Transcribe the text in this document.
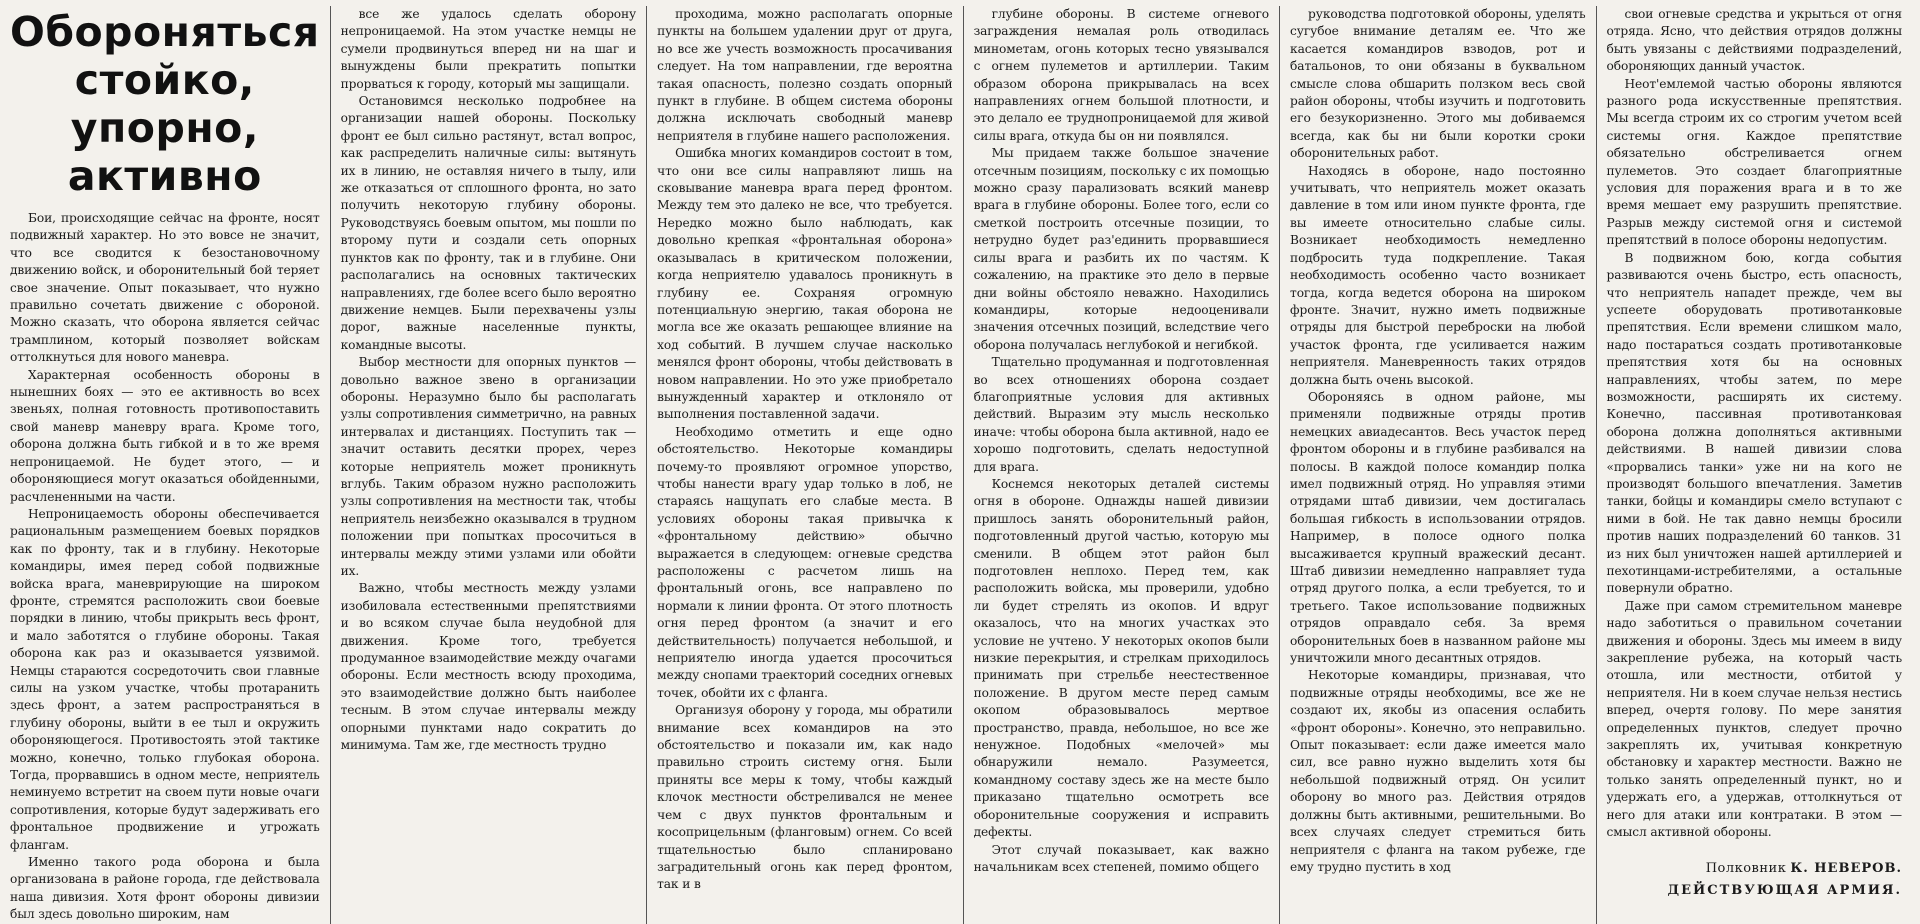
Обороняться стойко,
упорно, активно

Бои, происходящие сейчас на фронте, носят подвижный характер. Но это вовсе не значит, что все сводится к безостановочному движению войск, и оборонительный бой теряет свое значение. Опыт показывает, что нужно правильно сочетать движение с обороной. Можно сказать, что оборона является сейчас трамплином, который позволяет войскам оттолкнуться для нового маневра.

Характерная особенность обороны в нынешних боях — это ее активность во всех звеньях, полная готовность противопоставить свой маневр маневру врага. Кроме того, оборона должна быть гибкой и в то же время непроницаемой. Не будет этого, — и обороняющиеся могут оказаться обойденными, расчлененными на части.

Непроницаемость обороны обеспечивается рациональным размещением боевых порядков как по фронту, так и в глубину. Некоторые командиры, имея перед собой подвижные войска врага, маневрирующие на широком фронте, стремятся расположить свои боевые порядки в линию, чтобы прикрыть весь фронт, и мало заботятся о глубине обороны. Такая оборона как раз и оказывается уязвимой. Немцы стараются сосредоточить свои главные силы на узком участке, чтобы протаранить здесь фронт, а затем распространяться в глубину обороны, выйти в ее тыл и окружить обороняющегося. Противостоять этой тактике можно, конечно, только глубокая оборона. Тогда, прорвавшись в одном месте, неприятель неминуемо встретит на своем пути новые очаги сопротивления, которые будут задерживать его фронтальное продвижение и угрожать флангам.

Именно такого рода оборона и была организована в районе города, где действовала наша дивизия. Хотя фронт обороны дивизии был здесь довольно широким, нам

все же удалось сделать оборону непроницаемой. На этом участке немцы не сумели продвинуться вперед ни на шаг и вынуждены были прекратить попытки прорваться к городу, который мы защищали.

Остановимся несколько подробнее на организации нашей обороны. Поскольку фронт ее был сильно растянут, встал вопрос, как распределить наличные силы: вытянуть их в линию, не оставляя ничего в тылу, или же отказаться от сплошного фронта, но зато получить некоторую глубину обороны. Руководствуясь боевым опытом, мы пошли по второму пути и создали сеть опорных пунктов как по фронту, так и в глубине. Они располагались на основных тактических направлениях, где более всего было вероятно движение немцев. Были перехвачены узлы дорог, важные населенные пункты, командные высоты.

Выбор местности для опорных пунктов — довольно важное звено в организации обороны. Неразумно было бы располагать узлы сопротивления симметрично, на равных интервалах и дистанциях. Поступить так — значит оставить десятки прорех, через которые неприятель может проникнуть вглубь. Таким образом нужно расположить узлы сопротивления на местности так, чтобы неприятель неизбежно оказывался в трудном положении при попытках просочиться в интервалы между этими узлами или обойти их.

Важно, чтобы местность между узлами изобиловала естественными препятствиями и во всяком случае была неудобной для движения. Кроме того, требуется продуманное взаимодействие между очагами обороны. Если местность всюду проходима, это взаимодействие должно быть наиболее тесным. В этом случае интервалы между опорными пунктами надо сократить до минимума. Там же, где местность трудно

проходима, можно располагать опорные пункты на большем удалении друг от друга, но все же учесть возможность просачивания следует. На том направлении, где вероятна такая опасность, полезно создать опорный пункт в глубине. В общем система обороны должна исключать свободный маневр неприятеля в глубине нашего расположения.

Ошибка многих командиров состоит в том, что они все силы направляют лишь на сковывание маневра врага перед фронтом. Между тем это далеко не все, что требуется. Нередко можно было наблюдать, как довольно крепкая «фронтальная оборона» оказывалась в критическом положении, когда неприятелю удавалось проникнуть в глубину ее. Сохраняя огромную потенциальную энергию, такая оборона не могла все же оказать решающее влияние на ход событий. В лучшем случае насколько менялся фронт обороны, чтобы действовать в новом направлении. Но это уже приобретало вынужденный характер и отклоняло от выполнения поставленной задачи.

Необходимо отметить и еще одно обстоятельство. Некоторые командиры почему-то проявляют огромное упорство, чтобы нанести врагу удар только в лоб, не стараясь нащупать его слабые места. В условиях обороны такая привычка к «фронтальному действию» обычно выражается в следующем: огневые средства расположены с расчетом лишь на фронтальный огонь, все направлено по нормали к линии фронта. От этого плотность огня перед фронтом (а значит и его действительность) получается небольшой, и неприятелю иногда удается просочиться между снопами траекторий соседних огневых точек, обойти их с фланга.

Организуя оборону у города, мы обратили внимание всех командиров на это обстоятельство и показали им, как надо правильно строить систему огня. Были приняты все меры к тому, чтобы каждый клочок местности обстреливался не менее чем с двух пунктов фронтальным и косоприцельным (фланговым) огнем. Со всей тщательностью было спланировано заградительный огонь как перед фронтом, так и в

глубине обороны. В системе огневого заграждения немалая роль отводилась минометам, огонь которых тесно увязывался с огнем пулеметов и артиллерии. Таким образом оборона прикрывалась на всех направлениях огнем большой плотности, и это делало ее труднопроницаемой для живой силы врага, откуда бы он ни появлялся.

Мы придаем также большое значение отсечным позициям, поскольку с их помощью можно сразу парализовать всякий маневр врага в глубине обороны. Более того, если со сметкой построить отсечные позиции, то нетрудно будет раз'единить прорвавшиеся силы врага и разбить их по частям. К сожалению, на практике это дело в первые дни войны обстояло неважно. Находились командиры, которые недооценивали значения отсечных позиций, вследствие чего оборона получалась неглубокой и негибкой.

Тщательно продуманная и подготовленная во всех отношениях оборона создает благоприятные условия для активных действий. Выразим эту мысль несколько иначе: чтобы оборона была активной, надо ее хорошо подготовить, сделать недоступной для врага.

Коснемся некоторых деталей системы огня в обороне. Однажды нашей дивизии пришлось занять оборонительный район, подготовленный другой частью, которую мы сменили. В общем этот район был подготовлен неплохо. Перед тем, как расположить войска, мы проверили, удобно ли будет стрелять из окопов. И вдруг оказалось, что на многих участках это условие не учтено. У некоторых окопов были низкие перекрытия, и стрелкам приходилось принимать при стрельбе неестественное положение. В другом месте перед самым окопом образовывалось мертвое пространство, правда, небольшое, но все же ненужное. Подобных «мелочей» мы обнаружили немало. Разумеется, командному составу здесь же на месте было приказано тщательно осмотреть все оборонительные сооружения и исправить дефекты.

Этот случай показывает, как важно начальникам всех степеней, помимо общего

руководства подготовкой обороны, уделять сугубое внимание деталям ее. Что же касается командиров взводов, рот и батальонов, то они обязаны в буквальном смысле слова обшарить ползком весь свой район обороны, чтобы изучить и подготовить его безукоризненно. Этого мы добиваемся всегда, как бы ни были коротки сроки оборонительных работ.

Находясь в обороне, надо постоянно учитывать, что неприятель может оказать давление в том или ином пункте фронта, где вы имеете относительно слабые силы. Возникает необходимость немедленно подбросить туда подкрепление. Такая необходимость особенно часто возникает тогда, когда ведется оборона на широком фронте. Значит, нужно иметь подвижные отряды для быстрой переброски на любой участок фронта, где усиливается нажим неприятеля. Маневренность таких отрядов должна быть очень высокой.

Обороняясь в одном районе, мы применяли подвижные отряды против немецких авиадесантов. Весь участок перед фронтом обороны и в глубине разбивался на полосы. В каждой полосе командир полка имел подвижный отряд. Но управляя этими отрядами штаб дивизии, чем достигалась большая гибкость в использовании отрядов. Например, в полосе одного полка высаживается крупный вражеский десант. Штаб дивизии немедленно направляет туда отряд другого полка, а если требуется, то и третьего. Такое использование подвижных отрядов оправдало себя. За время оборонительных боев в названном районе мы уничтожили много десантных отрядов.

Некоторые командиры, признавая, что подвижные отряды необходимы, все же не создают их, якобы из опасения ослабить «фронт обороны». Конечно, это неправильно. Опыт показывает: если даже имеется мало сил, все равно нужно выделить хотя бы небольшой подвижный отряд. Он усилит оборону во много раз. Действия отрядов должны быть активными, решительными. Во всех случаях следует стремиться бить неприятеля с фланга на таком рубеже, где ему трудно пустить в ход

свои огневые средства и укрыться от огня отряда. Ясно, что действия отрядов должны быть увязаны с действиями подразделений, обороняющих данный участок.

Неот'емлемой частью обороны являются разного рода искусственные препятствия. Мы всегда строим их со строгим учетом всей системы огня. Каждое препятствие обязательно обстреливается огнем пулеметов. Это создает благоприятные условия для поражения врага и в то же время мешает ему разрушить препятствие. Разрыв между системой огня и системой препятствий в полосе обороны недопустим.

В подвижном бою, когда события развиваются очень быстро, есть опасность, что неприятель нападет прежде, чем вы успеете оборудовать противотанковые препятствия. Если времени слишком мало, надо постараться создать противотанковые препятствия хотя бы на основных направлениях, чтобы затем, по мере возможности, расширять их систему. Конечно, пассивная противотанковая оборона должна дополняться активными действиями. В нашей дивизии слова «прорвались танки» уже ни на кого не производят большого впечатления. Заметив танки, бойцы и командиры смело вступают с ними в бой. Не так давно немцы бросили против наших подразделений 60 танков. 31 из них был уничтожен нашей артиллерией и пехотинцами-истребителями, а остальные повернули обратно.

Даже при самом стремительном маневре надо заботиться о правильном сочетании движения и обороны. Здесь мы имеем в виду закрепление рубежа, на который часть отошла, или местности, отбитой у неприятеля. Ни в коем случае нельзя нестись вперед, очертя голову. По мере занятия определенных пунктов, следует прочно закреплять их, учитывая конкретную обстановку и характер местности. Важно не только занять определенный пункт, но и удержать его, а удержав, оттолкнуться от него для атаки или контратаки. В этом — смысл активной обороны.

Полковник К. НЕВЕРОВ.
ДЕЙСТВУЮЩАЯ АРМИЯ.
